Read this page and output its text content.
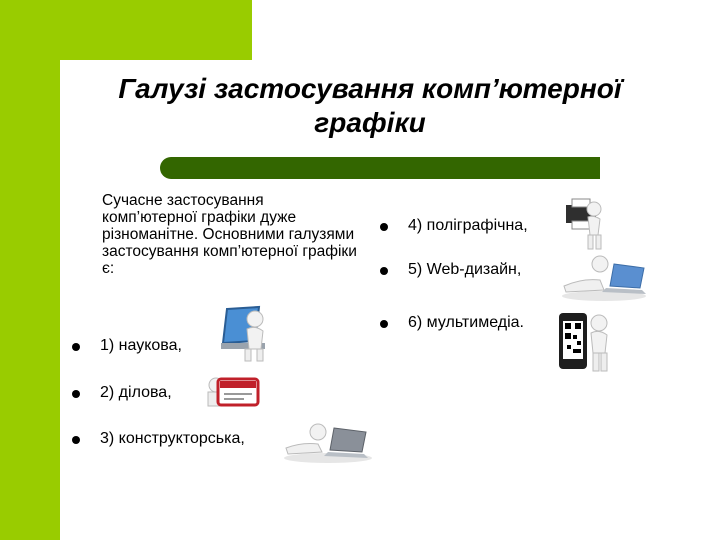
Галузі застосування комп’ютерної графіки
Сучасне застосування комп’ютерної графіки дуже різноманітне. Основними галузями застосування комп’ютерної графіки є:
1) наукова,
2) ділова,
3) конструкторська,
4) поліграфічна,
5) Web-дизайн,
6) мультимедіа.
